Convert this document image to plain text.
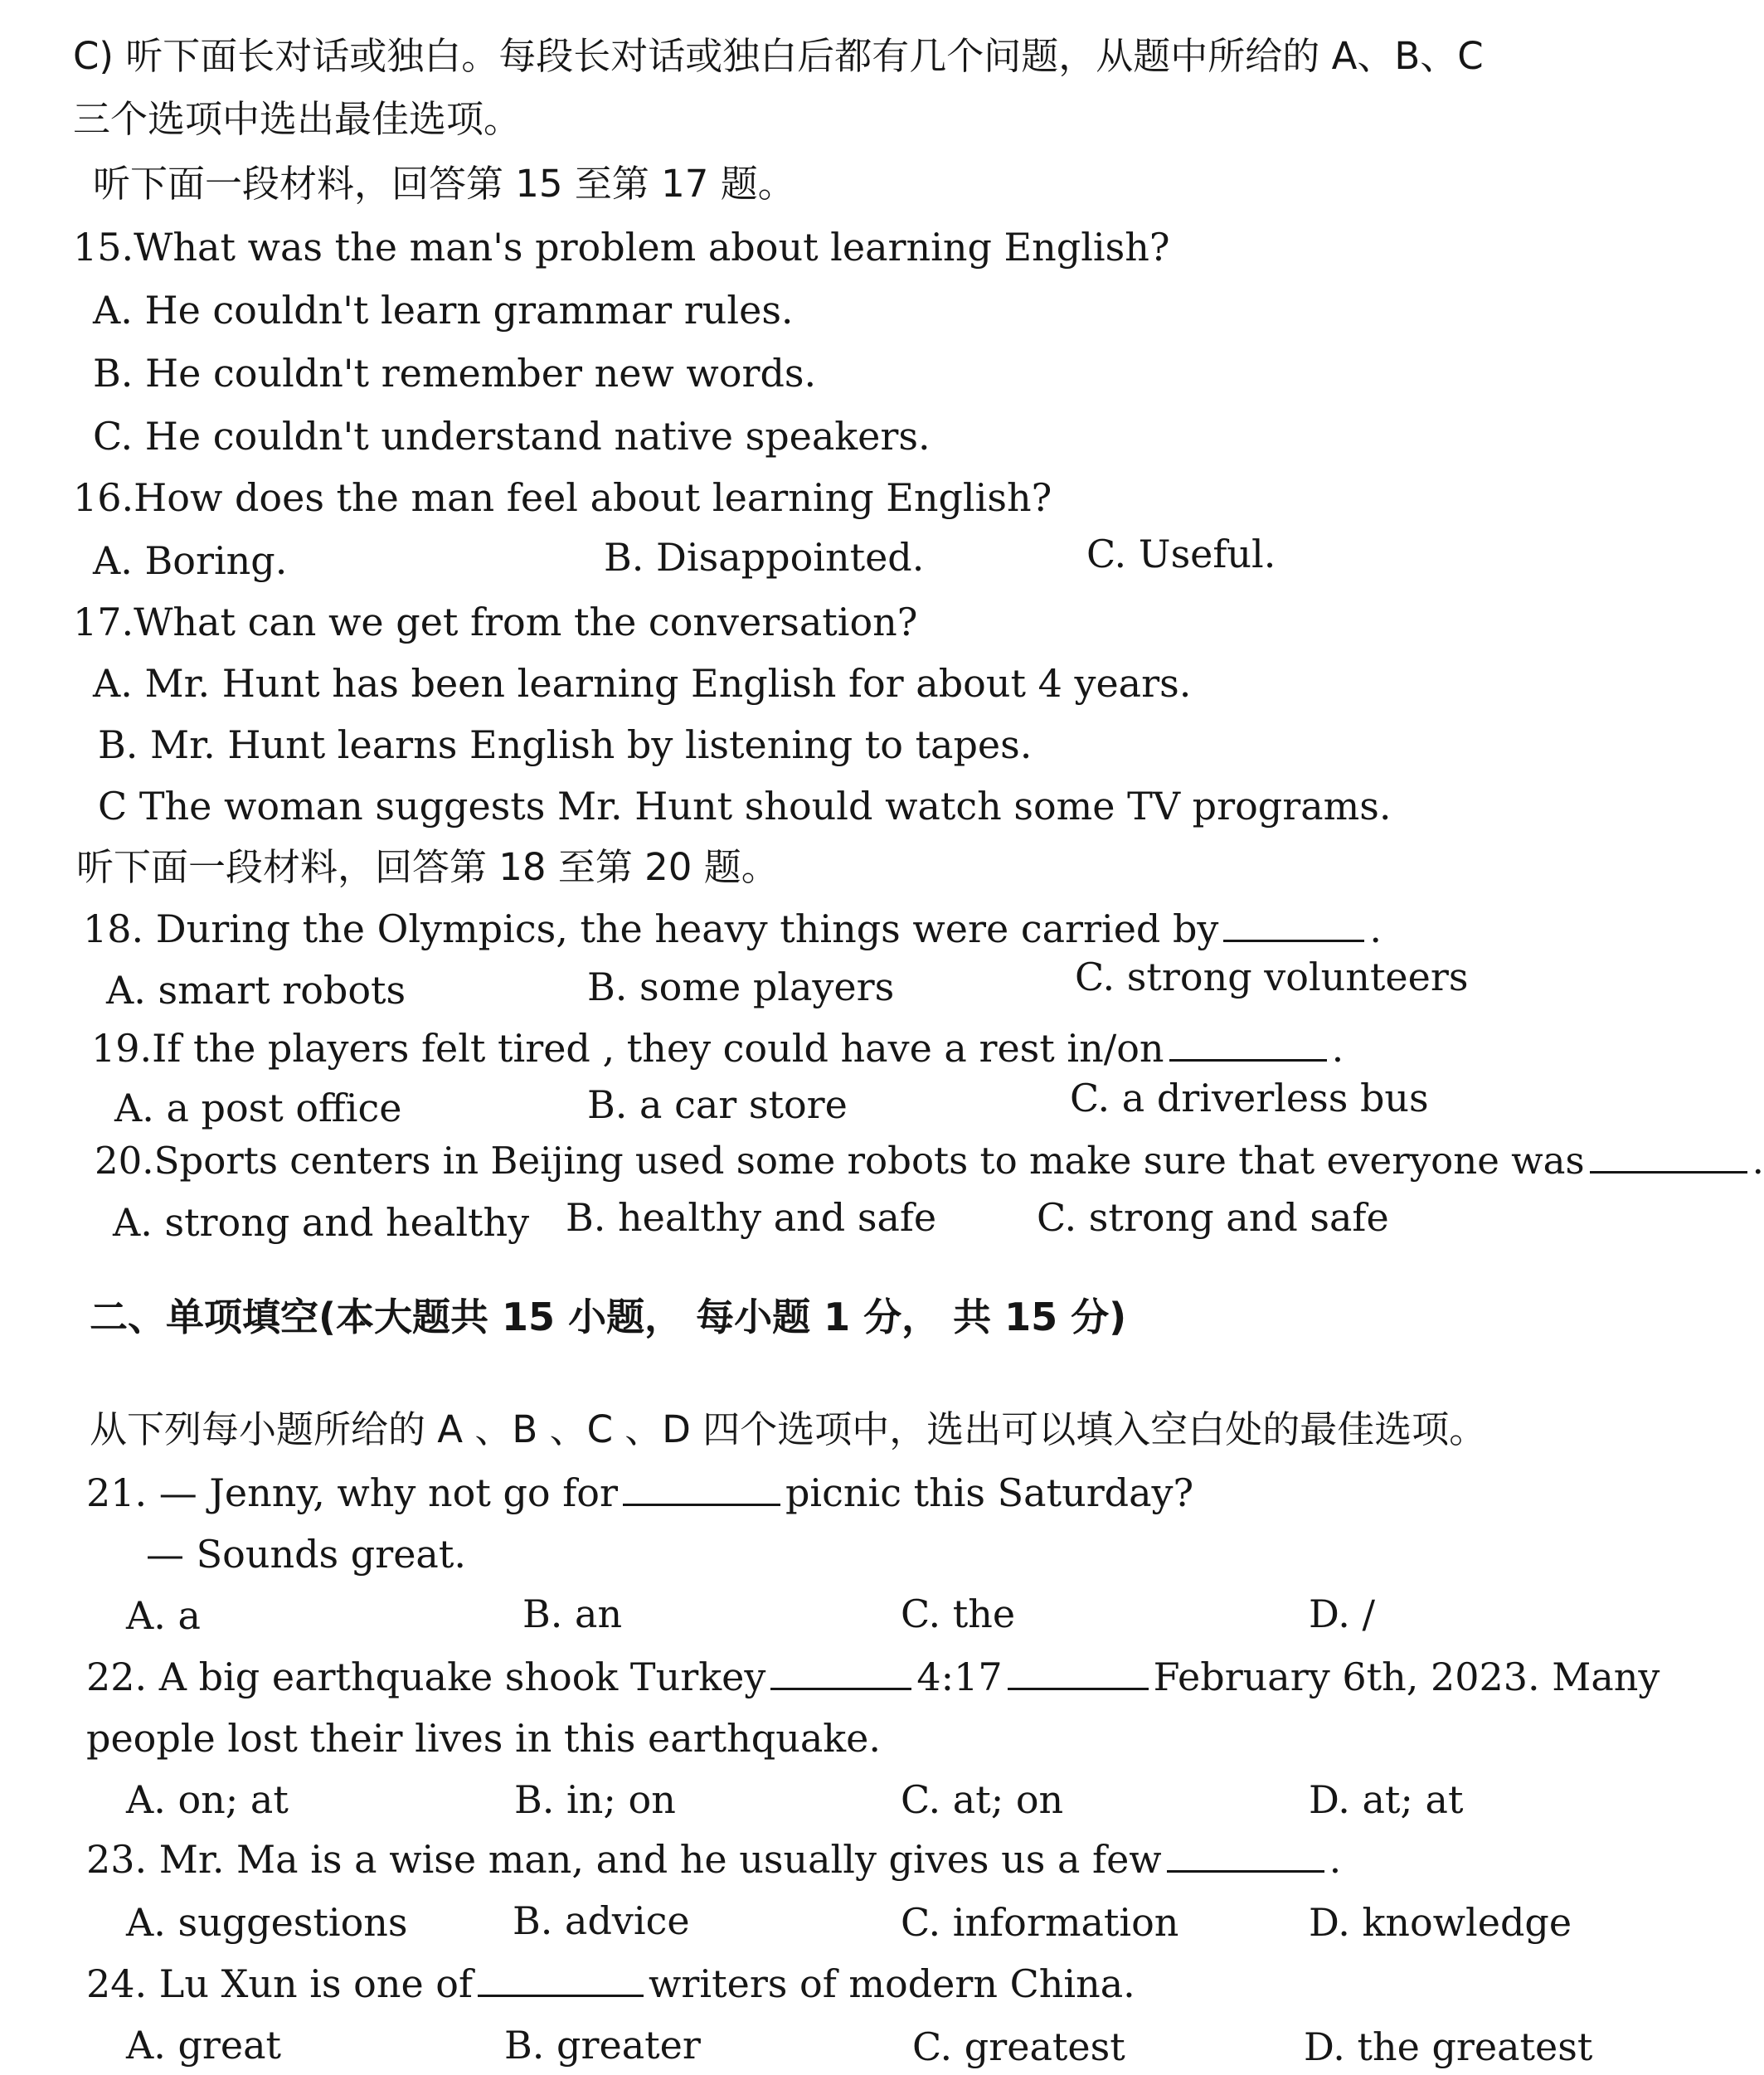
C) 听下面长对话或独白。每段长对话或独白后都有几个问题，从题中所给的 A、B、C
三个选项中选出最佳选项。
听下面一段材料，回答第 15 至第 17 题。
15.What was the man's problem about learning English?
A. He couldn't learn grammar rules.
B. He couldn't remember new words.
C. He couldn't understand native speakers.
16.How does the man feel about learning English?
A. Boring.	B. Disappointed.	C. Useful.
17.What can we get from the conversation?
A. Mr. Hunt has been learning English for about 4 years.
B. Mr. Hunt learns English by listening to tapes.
C The woman suggests Mr. Hunt should watch some TV programs.
听下面一段材料，回答第 18 至第 20 题。
18. During the Olympics, the heavy things were carried by	.
A. smart robots	B. some players	C. strong volunteers
19.If the players felt tired , they could have a rest in/on	.
A. a post office	B. a car store	C. a driverless bus
20.Sports centers in Beijing used some robots to make sure that everyone was	.
A. strong and healthy B. healthy and safe	C. strong and safe
二、单项填空(本大题共 15 小题， 每小题 1 分， 共 15 分)
从下列每小题所给的 A 、B 、C 、D 四个选项中，选出可以填入空白处的最佳选项。
21. — Jenny, why not go for	picnic this Saturday?
— Sounds great.
A. a	B. an	C. the	D. /
22. A big earthquake shook Turkey	4:17	February 6th, 2023. Many
people lost their lives in this earthquake.
A. on; at	B. in; on	C. at; on	D. at; at
23. Mr. Ma is a wise man, and he usually gives us a few	.
A. suggestions	B. advice	C. information	D. knowledge
24. Lu Xun is one of	writers of modern China.
A. great	B. greater	C. greatest	D. the greatest
